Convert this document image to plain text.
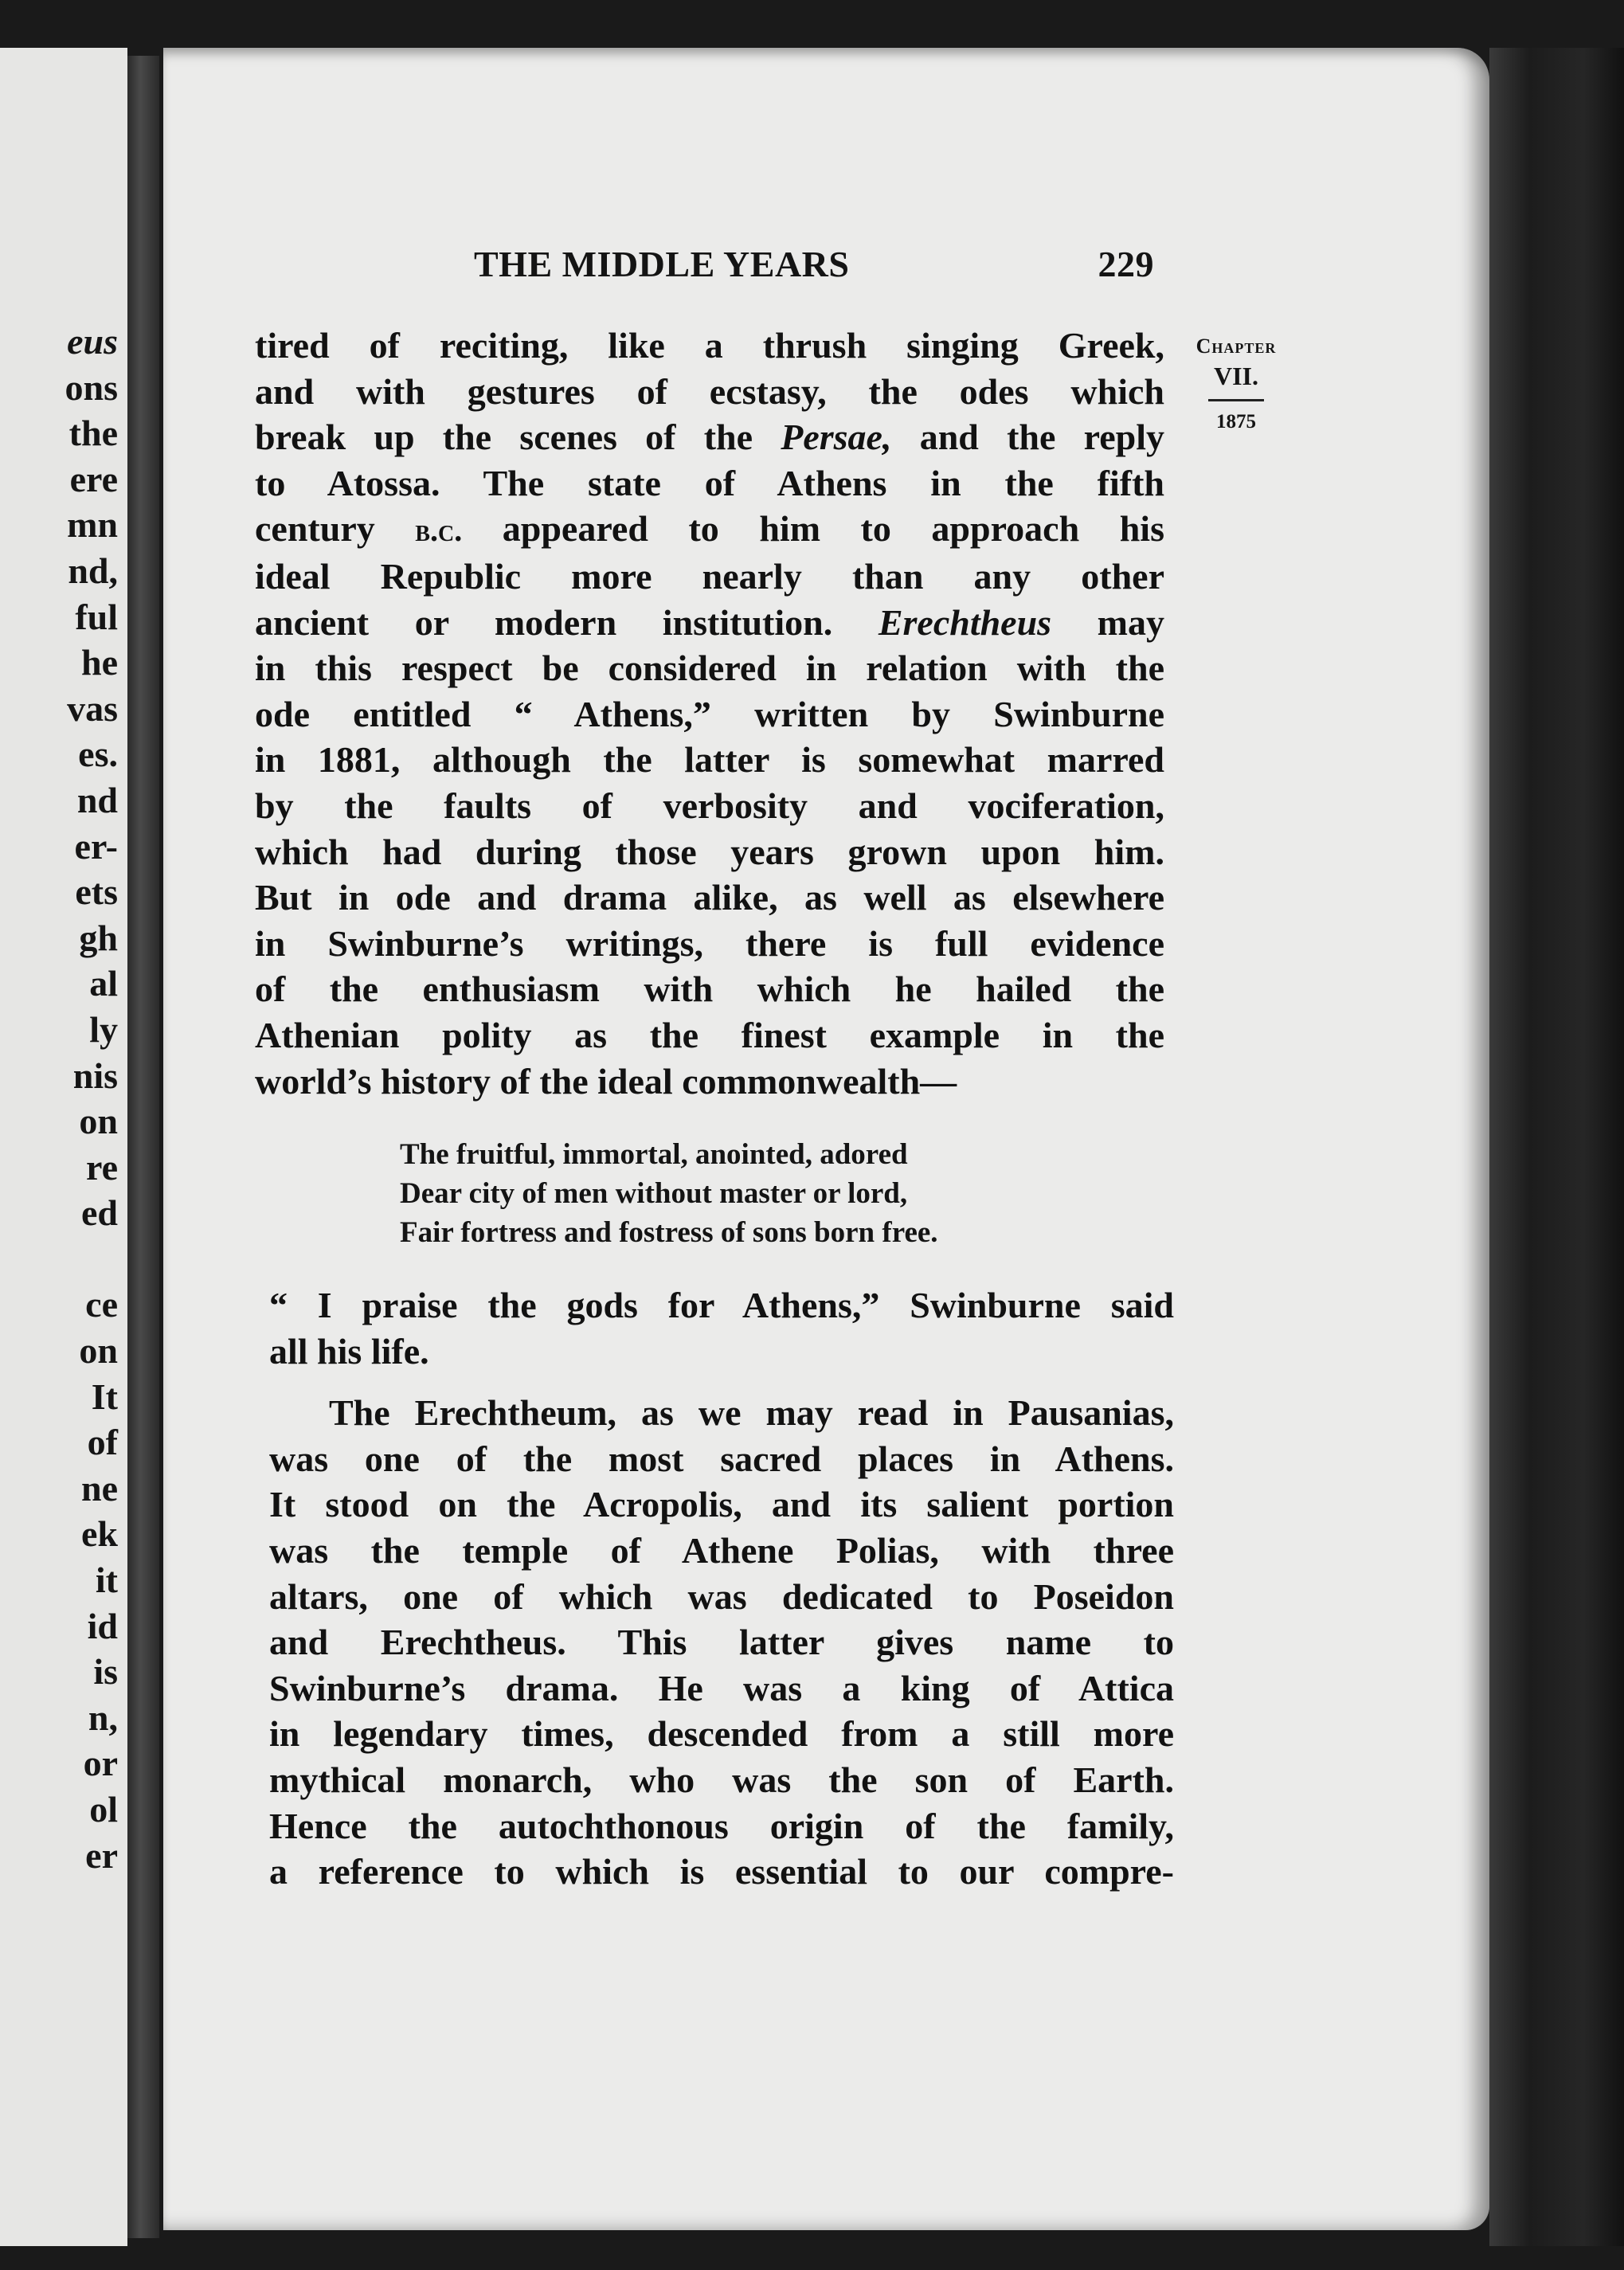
eus
ons
the
ere
mn
nd,
ful
he
vas
es.
nd
er-
ets
gh
al
ly
nis
on
re
ed
ce
on
It
of
ne
ek
it
id
is
n,
or
ol
er
THE MIDDLE YEARS	229
Chapter
VII.
1875
tired of reciting, like a thrush singing Greek,
and with gestures of ecstasy, the odes which
break up the scenes of the Persae, and the reply
to Atossa. The state of Athens in the fifth
century b.c. appeared to him to approach his
ideal Republic more nearly than any other
ancient or modern institution. Erechtheus may
in this respect be considered in relation with the
ode entitled “ Athens,” written by Swinburne
in 1881, although the latter is somewhat marred
by the faults of verbosity and vociferation,
which had during those years grown upon him.
But in ode and drama alike, as well as elsewhere
in Swinburne’s writings, there is full evidence
of the enthusiasm with which he hailed the
Athenian polity as the finest example in the
world’s history of the ideal commonwealth—
The fruitful, immortal, anointed, adored
Dear city of men without master or lord,
Fair fortress and fostress of sons born free.
“ I praise the gods for Athens,” Swinburne said
all his life.
The Erechtheum, as we may read in Pausanias,
was one of the most sacred places in Athens.
It stood on the Acropolis, and its salient portion
was the temple of Athene Polias, with three
altars, one of which was dedicated to Poseidon
and Erechtheus. This latter gives name to
Swinburne’s drama. He was a king of Attica
in legendary times, descended from a still more
mythical monarch, who was the son of Earth.
Hence the autochthonous origin of the family,
a reference to which is essential to our compre-
